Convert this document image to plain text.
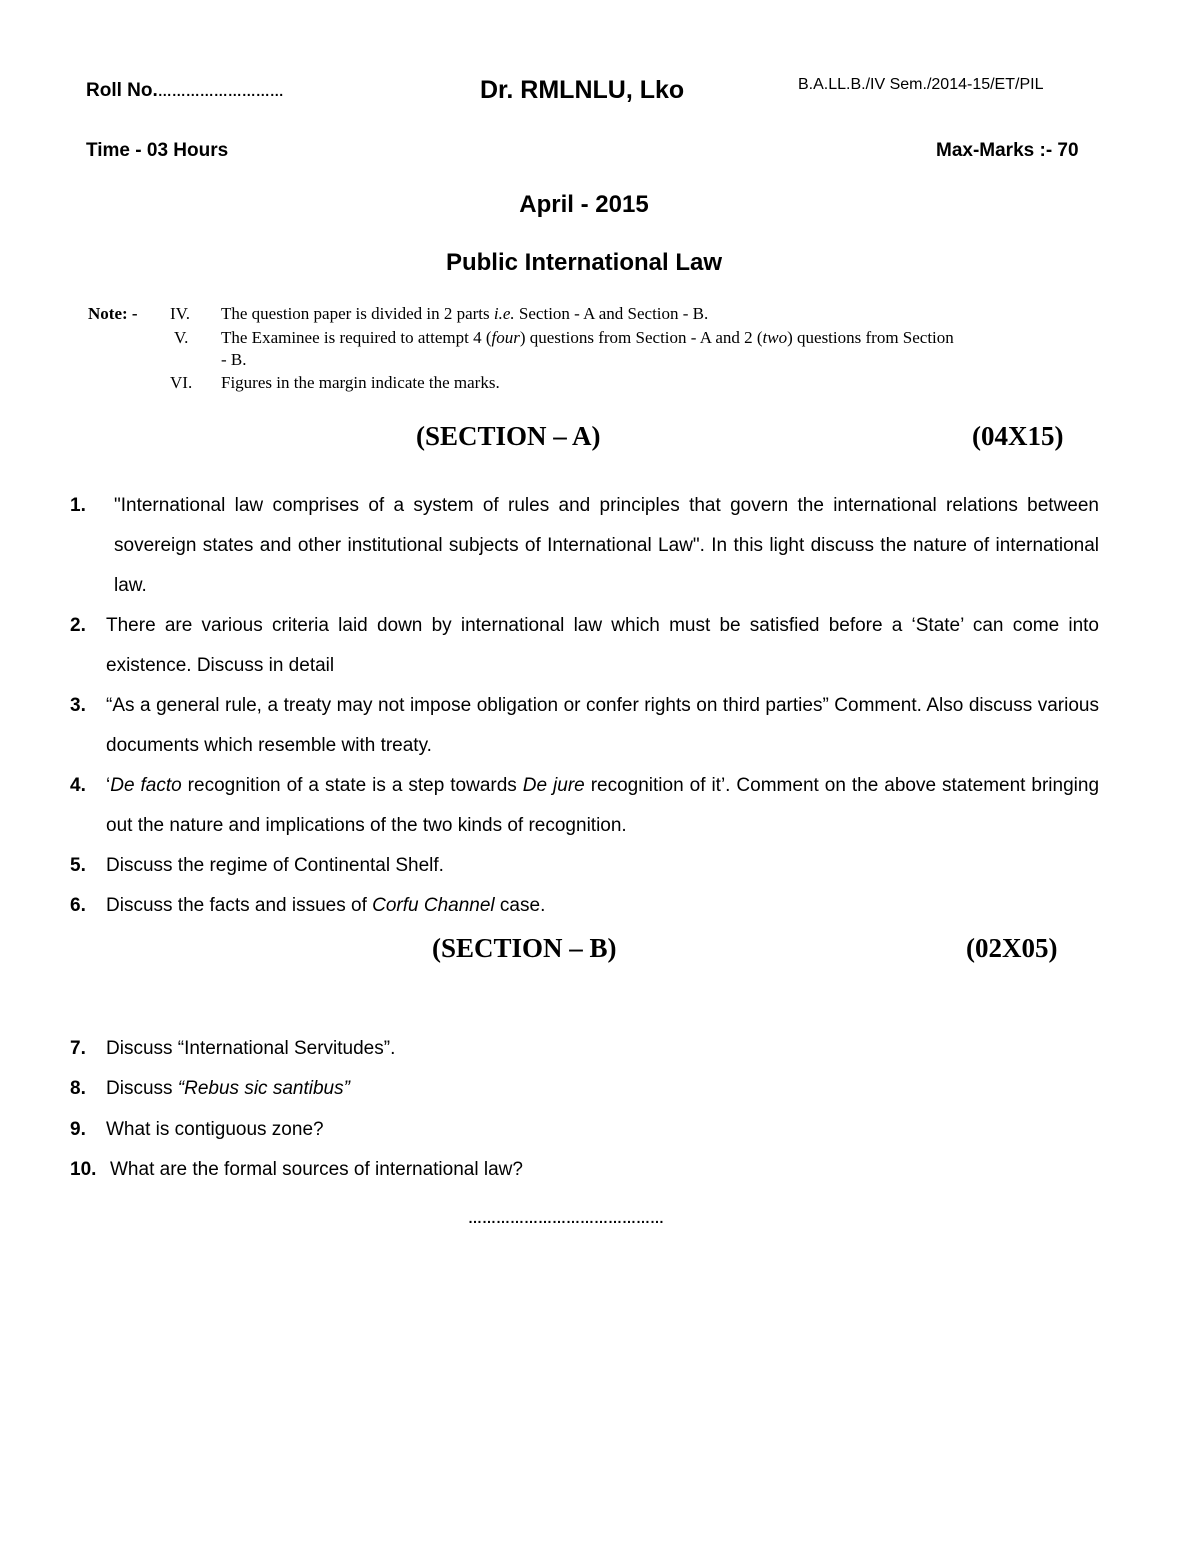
Roll No.………………………	Dr. RMLNLU, Lko	B.A.LL.B./IV Sem./2014-15/ET/PIL
Time - 03 Hours	Max-Marks :- 70
April - 2015
Public International Law
Note: - IV. The question paper is divided in 2 parts i.e. Section - A and Section - B.
V. The Examinee is required to attempt 4 (four) questions from Section - A and 2 (two) questions from Section
- B.
VI. Figures in the margin indicate the marks.
(SECTION – A)	(04X15)
1. "International law comprises of a system of rules and principles that govern the international relations between sovereign states and other institutional subjects of International Law". In this light discuss the nature of international law.
2. There are various criteria laid down by international law which must be satisfied before a ‘State’ can come into existence. Discuss in detail
3. “As a general rule, a treaty may not impose obligation or confer rights on third parties” Comment. Also discuss various documents which resemble with treaty.
4. ‘De facto recognition of a state is a step towards De jure recognition of it’. Comment on the above statement bringing out the nature and implications of the two kinds of recognition.
5. Discuss the regime of Continental Shelf.
6. Discuss the facts and issues of Corfu Channel case.
(SECTION – B)	(02X05)
7. Discuss “International Servitudes”.
8. Discuss “Rebus sic santibus”
9. What is contiguous zone?
10. What are the formal sources of international law?
……………………………………
